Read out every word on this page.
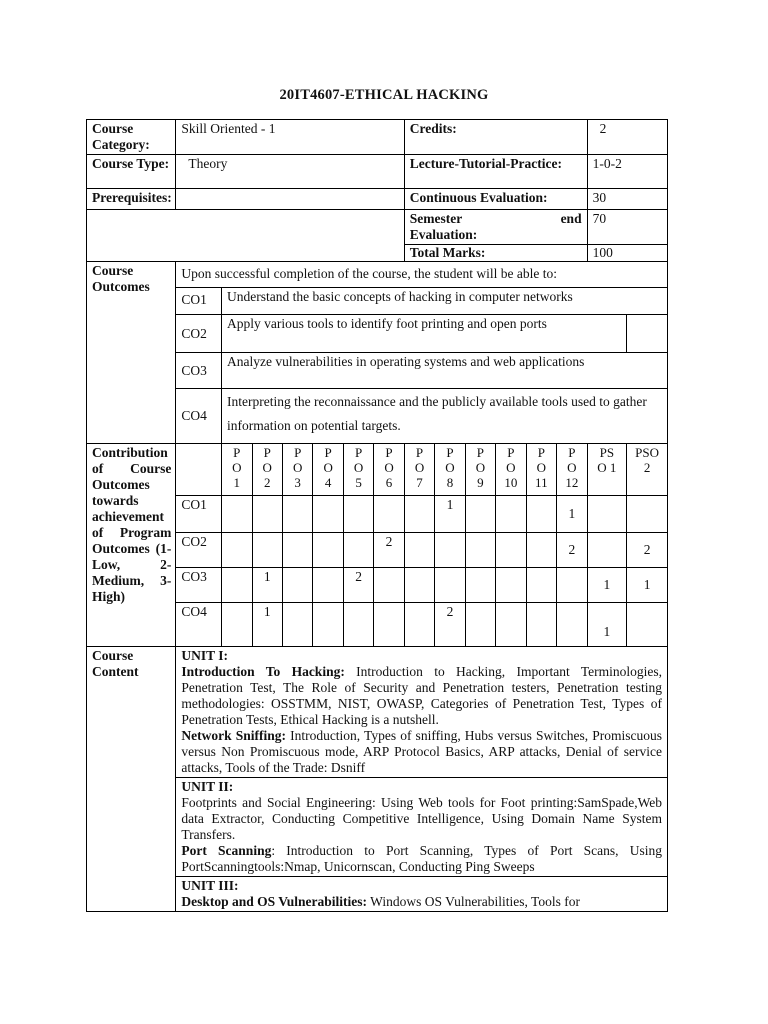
20IT4607-ETHICAL HACKING
Course Category:	Skill Oriented - 1							Credits:						2	
Course Type:	Theory							Lecture-Tutorial-Practice:						1-0-2	
Prerequisites:								Continuous Evaluation:						30	

								Semester end
Evaluation:						70	
								Total Marks:						100	
Course Outcomes	Upon successful completion of the course, the student will be able to:														
	CO1	Understand the basic concepts of hacking in computer networks													
	CO2	Apply various tools to identify foot printing and open ports													
	CO3	Analyze vulnerabilities in operating systems and web applications													
	CO4	Interpreting the reconnaissance and the publicly available tools used to gather information on potential targets.													
Contribution of Course Outcomes towards achievement of Program Outcomes (1-Low, 2-Medium, 3- High)		P
O
1	P
O
2	P
O
3	P
O
4	P
O
5	P
O
6	P
O
7	P
O
8	P
O
9	P
O
10	P
O
11	P
O
12	PS
O 1	PSO
2
	CO1								1				1		
	CO2						2						2		2
	CO3		1			2								1	1
	CO4		1						2					1	
Course Content	UNIT I:
Introduction To Hacking: Introduction to Hacking, Important Terminologies, Penetration Test, The Role of Security and Penetration testers, Penetration testing methodologies: OSSTMM, NIST, OWASP, Categories of Penetration Test, Types of Penetration Tests, Ethical Hacking is a nutshell.
Network Sniffing: Introduction, Types of sniffing, Hubs versus Switches, Promiscuous versus Non Promiscuous mode, ARP Protocol Basics, ARP attacks, Denial of service attacks, Tools of the Trade: Dsniff														

	UNIT II:
Footprints and Social Engineering: Using Web tools for Foot printing:SamSpade,Web data Extractor, Conducting Competitive Intelligence, Using Domain Name System Transfers.
Port Scanning: Introduction to Port Scanning, Types of Port Scans, Using PortScanningtools:Nmap, Unicornscan, Conducting Ping Sweeps														

	UNIT III:
Desktop and OS Vulnerabilities: Windows OS Vulnerabilities, Tools for														
